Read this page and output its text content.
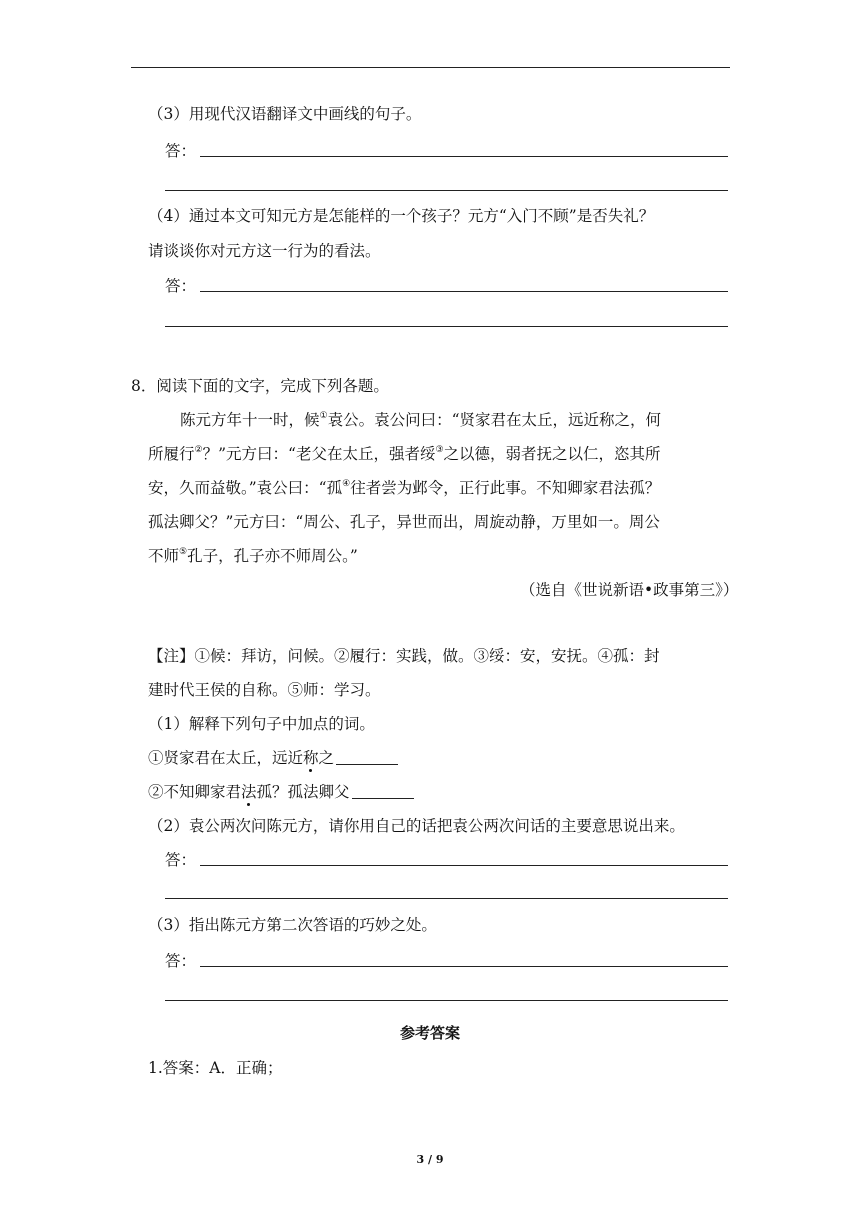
（3）用现代汉语翻译文中画线的句子。
答：
（4）通过本文可知元方是怎能样的一个孩子？元方“入门不顾”是否失礼？
请谈谈你对元方这一行为的看法。
答：
8．阅读下面的文字，完成下列各题。
陈元方年十一时，候①袁公。袁公问曰：“贤家君在太丘，远近称之，何
所履行②？”元方曰：“老父在太丘，强者绥③之以德，弱者抚之以仁，恣其所
安，久而益敬。”袁公曰：“孤④往者尝为邺令，正行此事。不知卿家君法孤？
孤法卿父？”元方曰：“周公、孔子，异世而出，周旋动静，万里如一。周公
不师⑤孔子，孔子亦不师周公。”
（选自《世说新语•政事第三》）
【注】①候：拜访，问候。②履行：实践，做。③绥：安，安抚。④孤：封
建时代王侯的自称。⑤师：学习。
（1）解释下列句子中加点的词。
①贤家君在太丘，远近称之
②不知卿家君法孤？孤法卿父
（2）袁公两次问陈元方，请你用自己的话把袁公两次问话的主要意思说出来。
答：
（3）指出陈元方第二次答语的巧妙之处。
答：
参考答案
1.答案：A．正确；
3 / 9
